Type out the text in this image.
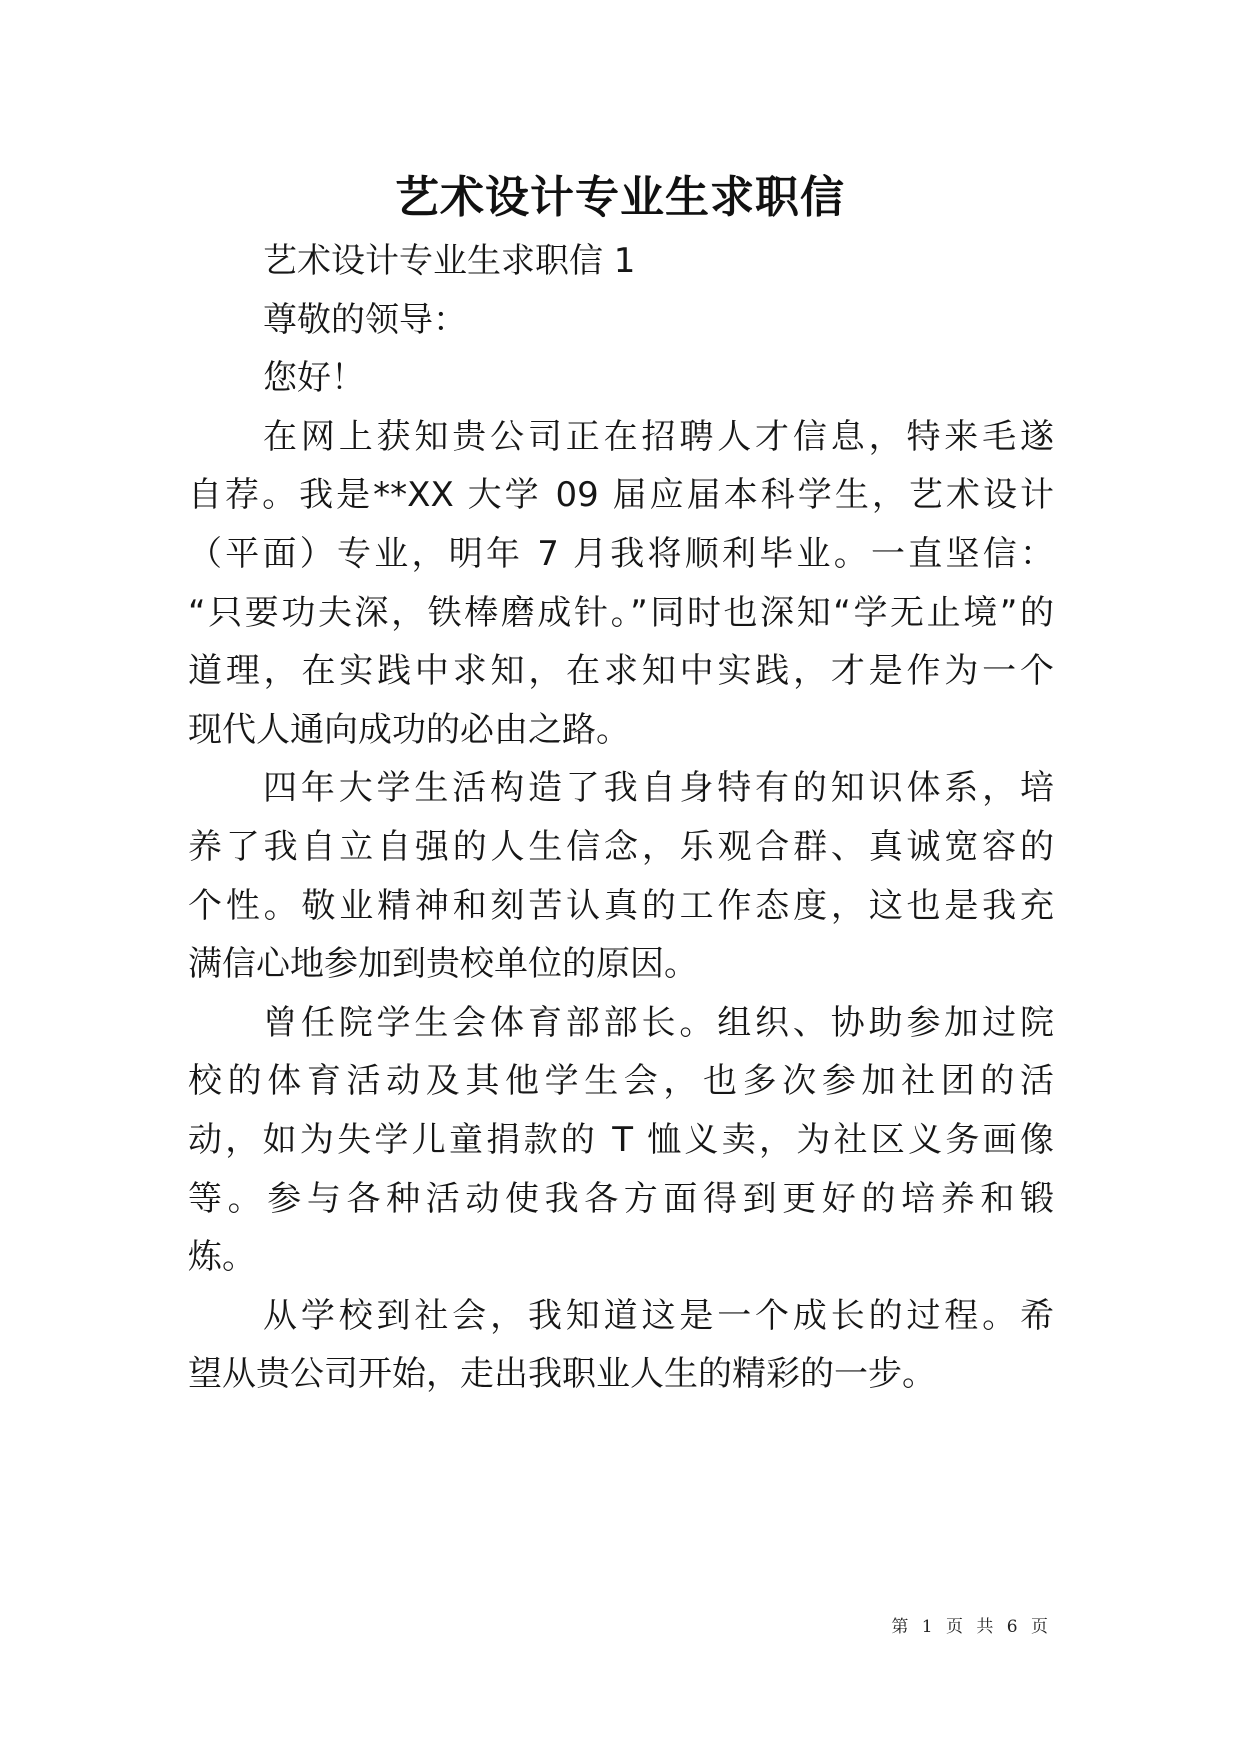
艺术设计专业生求职信
艺术设计专业生求职信 1
尊敬的领导：
您好！
在网上获知贵公司正在招聘人才信息，特来毛遂
自荐。我是**XX 大学 09 届应届本科学生，艺术设计
（平面）专业，明年 7 月我将顺利毕业。一直坚信：
“只要功夫深，铁棒磨成针。”同时也深知“学无止境”的
道理，在实践中求知，在求知中实践，才是作为一个
现代人通向成功的必由之路。
四年大学生活构造了我自身特有的知识体系，培
养了我自立自强的人生信念，乐观合群、真诚宽容的
个性。敬业精神和刻苦认真的工作态度，这也是我充
满信心地参加到贵校单位的原因。
曾任院学生会体育部部长。组织、协助参加过院
校的体育活动及其他学生会，也多次参加社团的活
动，如为失学儿童捐款的 T 恤义卖，为社区义务画像
等。参与各种活动使我各方面得到更好的培养和锻
炼。
从学校到社会，我知道这是一个成长的过程。希
望从贵公司开始，走出我职业人生的精彩的一步。
第 1 页 共 6 页
